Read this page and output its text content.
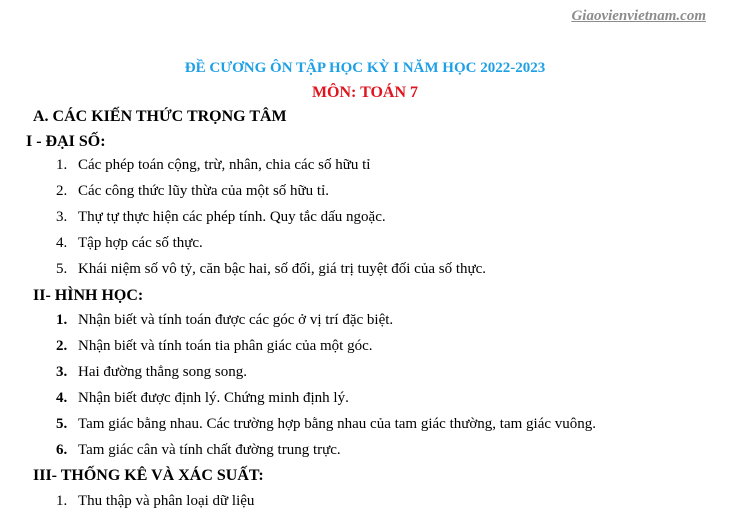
Giaovienvietnam.com
ĐỀ CƯƠNG ÔN TẬP HỌC KỲ I NĂM HỌC 2022-2023
MÔN: TOÁN 7
A. CÁC KIẾN THỨC TRỌNG TÂM
I - ĐẠI SỐ:
1. Các phép toán cộng, trừ, nhân, chia các số hữu tỉ
2. Các công thức lũy thừa của một số hữu tỉ.
3. Thự tự thực hiện các phép tính. Quy tắc dấu ngoặc.
4. Tập hợp các số thực.
5. Khái niệm số vô tỷ, căn bậc hai, số đối, giá trị tuyệt đối của số thực.
II- HÌNH HỌC:
1. Nhận biết và tính toán được các góc ở vị trí đặc biệt.
2. Nhận biết và tính toán tia phân giác của một góc.
3. Hai đường thẳng song song.
4. Nhận biết được định lý. Chứng minh định lý.
5. Tam giác bằng nhau. Các trường hợp bằng nhau của tam giác thường, tam giác vuông.
6. Tam giác cân và tính chất đường trung trực.
III- THỐNG KÊ VÀ XÁC SUẤT:
1. Thu thập và phân loại dữ liệu
